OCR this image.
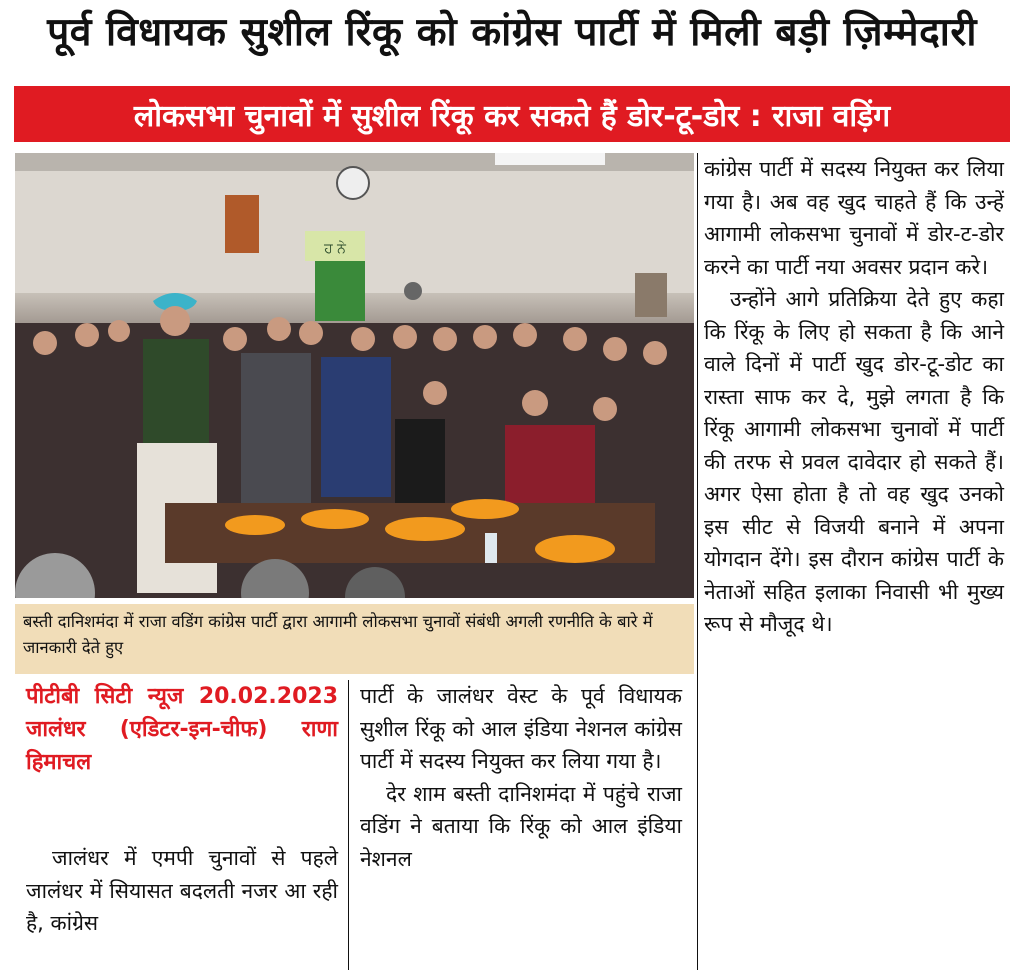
पूर्व विधायक सुशील रिंकू को कांग्रेस पार्टी में मिली बड़ी ज़िम्मेदारी
लोकसभा चुनावों में सुशील रिंकू कर सकते हैं डोर-टू-डोर : राजा वड़िंग
ਹ ਨੇ
बस्ती दानिशमंदा में राजा वडिंग कांग्रेस पार्टी द्वारा आगामी लोकसभा चुनावों संबंधी अगली रणनीति के बारे में जानकारी देते हुए
पीटीबी सिटी न्यूज 20.02.2023 जालंधर (एडिटर-इन-चीफ) राणा हिमाचल

जालंधर में एमपी चुनावों से पहले जालंधर में सियासत बदलती नजर आ रही है, कांग्रेस

पार्टी के जालंधर वेस्ट के पूर्व विधायक सुशील रिंकू को आल इंडिया नेशनल कांग्रेस पार्टी में सदस्य नियुक्त कर लिया गया है।

देर शाम बस्ती दानिशमंदा में पहुंचे राजा वडिंग ने बताया कि रिंकू को आल इंडिया नेशनल

कांग्रेस पार्टी में सदस्य नियुक्त कर लिया गया है। अब वह खुद चाहते हैं कि उन्हें आगामी लोकसभा चुनावों में डोर-ट-डोर करने का पार्टी नया अवसर प्रदान करे।

उन्होंने आगे प्रतिक्रिया देते हुए कहा कि रिंकू के लिए हो सकता है कि आने वाले दिनों में पार्टी खुद डोर-टू-डोट का रास्ता साफ कर दे, मुझे लगता है कि रिंकू आगामी लोकसभा चुनावों में पार्टी की तरफ से प्रवल दावेदार हो सकते हैं। अगर ऐसा होता है तो वह खुद उनको इस सीट से विजयी बनाने में अपना योगदान देंगे। इस दौरान कांग्रेस पार्टी के नेताओं सहित इलाका निवासी भी मुख्य रूप से मौजूद थे।
